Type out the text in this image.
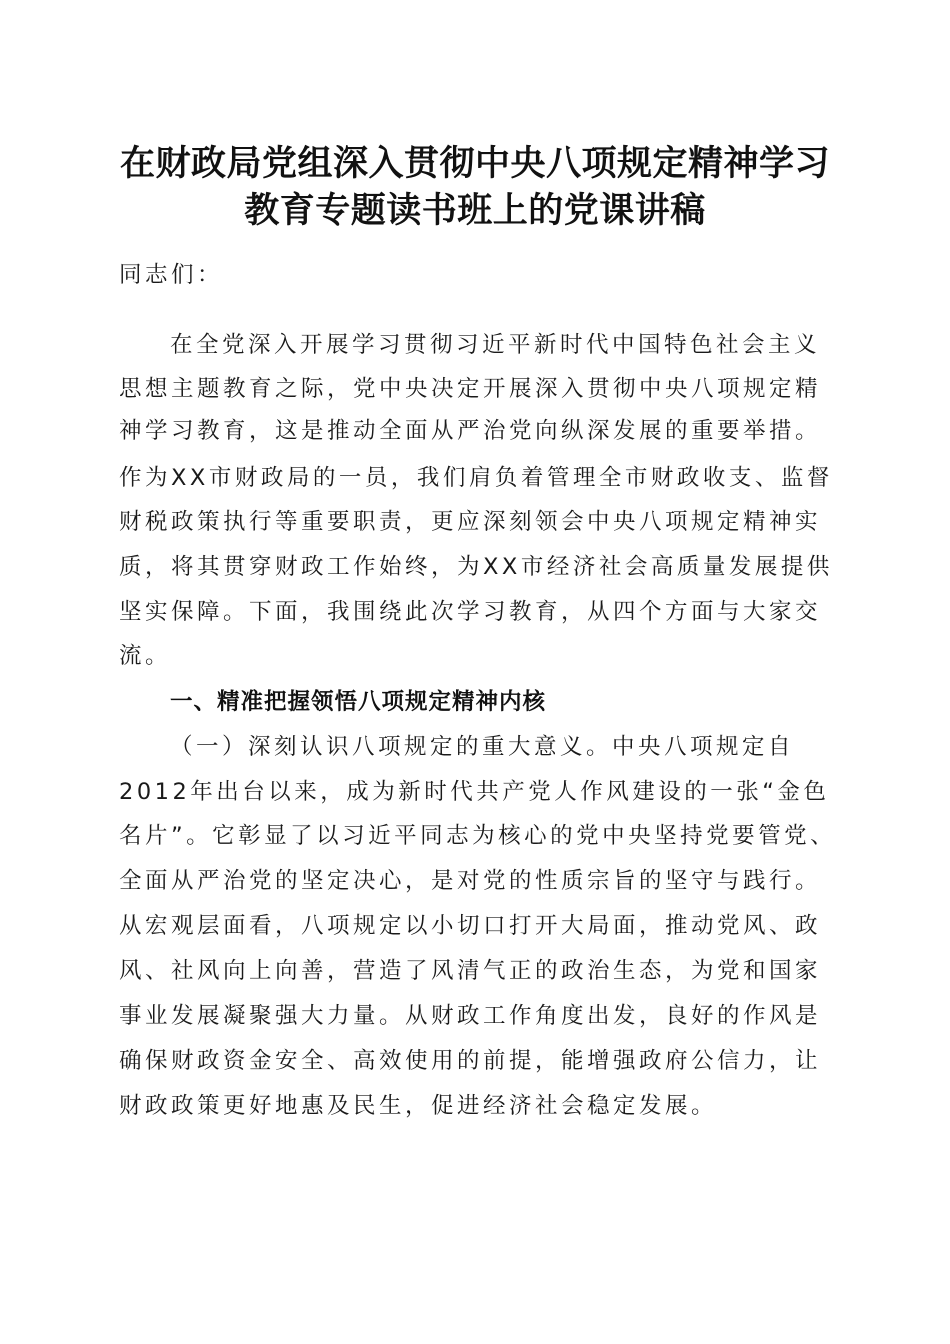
在财政局党组深入贯彻中央八项规定精神学习
教育专题读书班上的党课讲稿

同志们：

在全党深入开展学习贯彻习近平新时代中国特色社会主义

思想主题教育之际，党中央决定开展深入贯彻中央八项规定精

神学习教育，这是推动全面从严治党向纵深发展的重要举措。

作为XX市财政局的一员，我们肩负着管理全市财政收支、监督

财税政策执行等重要职责，更应深刻领会中央八项规定精神实

质，将其贯穿财政工作始终，为XX市经济社会高质量发展提供

坚实保障。下面，我围绕此次学习教育，从四个方面与大家交

流。

一、精准把握领悟八项规定精神内核

（一）深刻认识八项规定的重大意义。中央八项规定自

2012年出台以来，成为新时代共产党人作风建设的一张“金色

名片”。它彰显了以习近平同志为核心的党中央坚持党要管党、

全面从严治党的坚定决心，是对党的性质宗旨的坚守与践行。

从宏观层面看，八项规定以小切口打开大局面，推动党风、政

风、社风向上向善，营造了风清气正的政治生态，为党和国家

事业发展凝聚强大力量。从财政工作角度出发，良好的作风是

确保财政资金安全、高效使用的前提，能增强政府公信力，让

财政政策更好地惠及民生，促进经济社会稳定发展。
